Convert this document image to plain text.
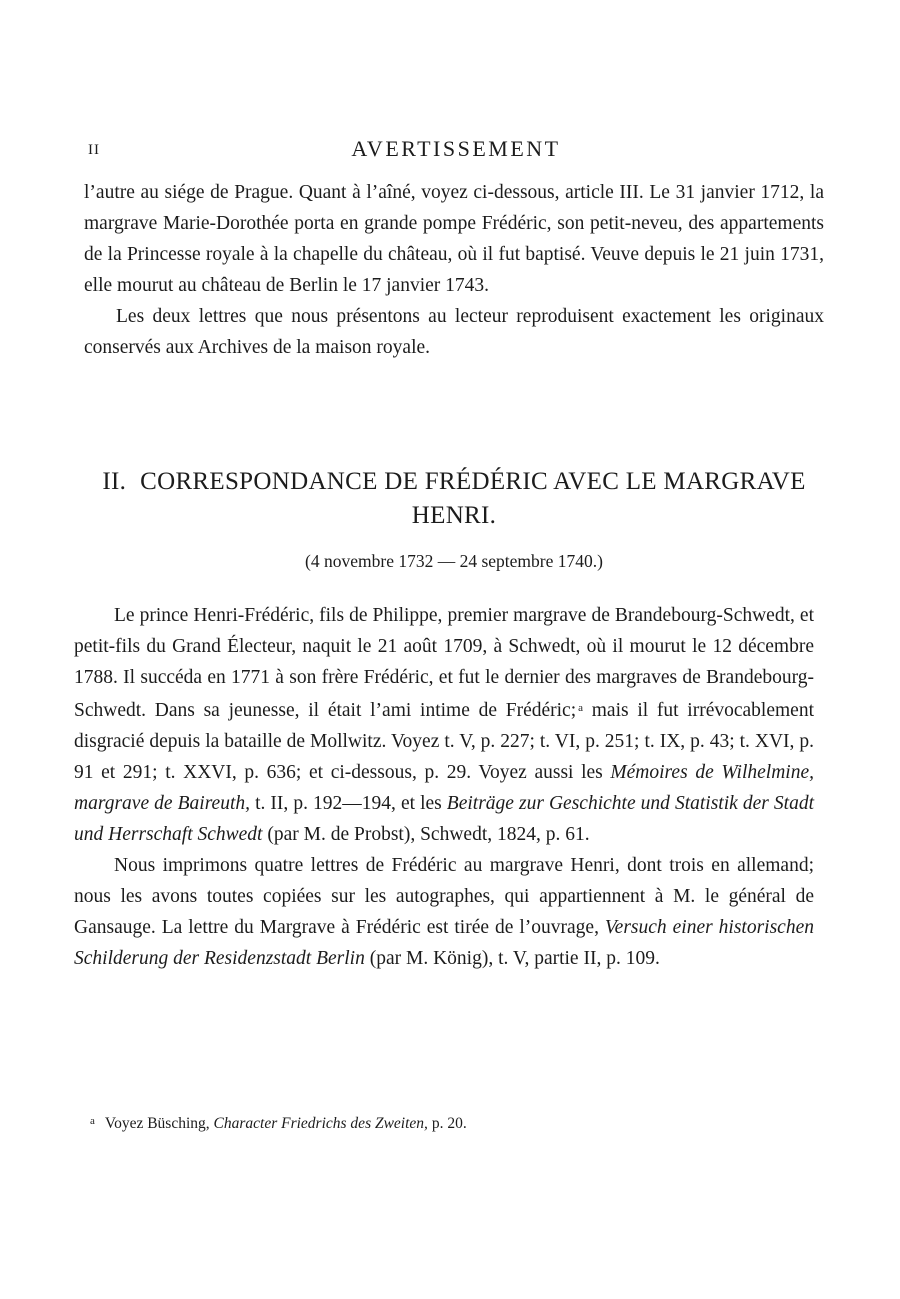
II	AVERTISSEMENT

l’autre au siége de Prague. Quant à l’aîné, voyez ci-dessous, article III. Le 31 janvier 1712, la margrave Marie-Dorothée porta en grande pompe Frédéric, son petit-neveu, des appartements de la Princesse royale à la chapelle du château, où il fut baptisé. Veuve depuis le 21 juin 1731, elle mourut au château de Berlin le 17 janvier 1743.

Les deux lettres que nous présentons au lecteur reproduisent exactement les originaux conservés aux Archives de la maison royale.

II. CORRESPONDANCE DE FRÉDÉRIC AVEC LE MARGRAVE HENRI.
(4 novembre 1732 — 24 septembre 1740.)

Le prince Henri-Frédéric, fils de Philippe, premier margrave de Brandebourg-Schwedt, et petit-fils du Grand Électeur, naquit le 21 août 1709, à Schwedt, où il mourut le 12 décembre 1788. Il succéda en 1771 à son frère Frédéric, et fut le dernier des margraves de Brandebourg-Schwedt. Dans sa jeunesse, il était l’ami intime de Frédéric; $^a$ mais il fut irrévocablement disgracié depuis la bataille de Mollwitz. Voyez t. V, p. 227; t. VI, p. 251; t. IX, p. 43; t. XVI, p. 91 et 291; t. XXVI, p. 636; et ci-dessous, p. 29. Voyez aussi les Mémoires de Wilhelmine, margrave de Baireuth, t. II, p. 192—194, et les Beiträge zur Geschichte und Statistik der Stadt und Herrschaft Schwedt (par M. de Probst), Schwedt, 1824, p. 61.

Nous imprimons quatre lettres de Frédéric au margrave Henri, dont trois en allemand; nous les avons toutes copiées sur les autographes, qui appartiennent à M. le général de Gansauge. La lettre du Margrave à Frédéric est tirée de l’ouvrage, Versuch einer historischen Schilderung der Residenzstadt Berlin (par M. König), t. V, partie II, p. 109.

$^a$ Voyez Büsching, Character Friedrichs des Zweiten, p. 20.
